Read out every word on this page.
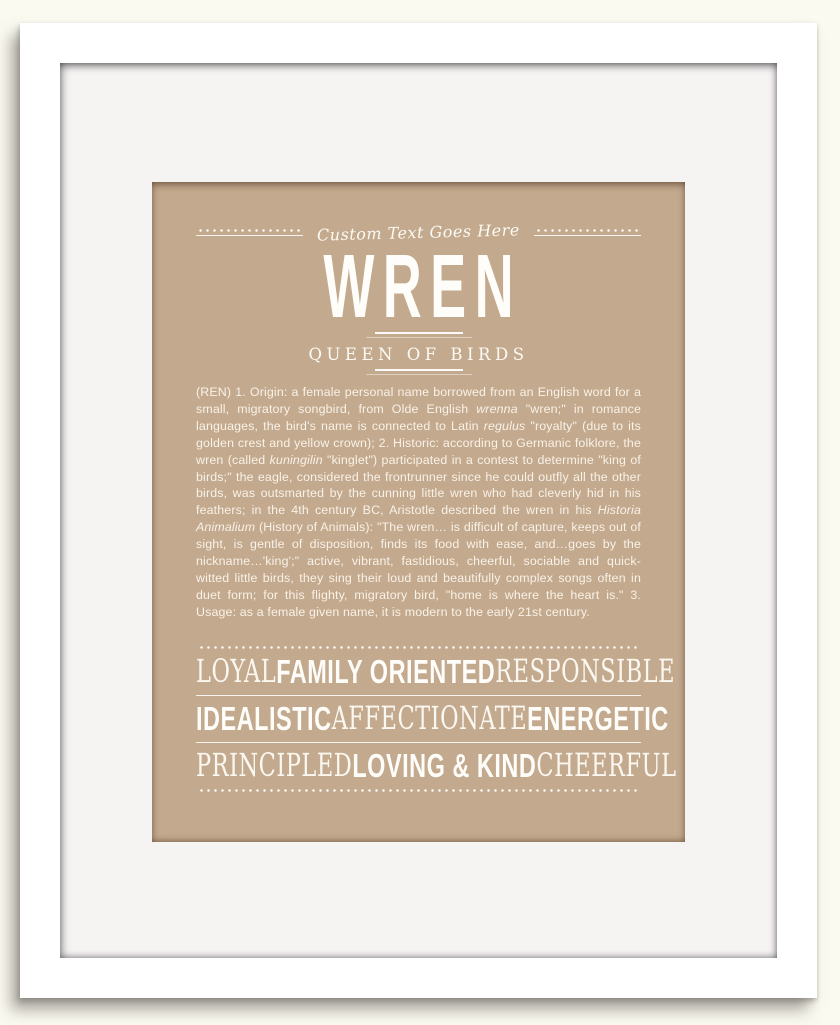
Custom Text Goes Here
WREN
QUEEN OF BIRDS

(REN) 1. Origin: a female personal name borrowed from an English word for a small, migratory songbird, from Olde English wrenna "wren;" in romance languages, the bird's name is connected to Latin regulus "royalty" (due to its golden crest and yellow crown); 2. Historic: according to Germanic folklore, the wren (called kuningilin "kinglet") participated in a contest to determine "king of birds;" the eagle, considered the frontrunner since he could outfly all the other birds, was outsmarted by the cunning little wren who had cleverly hid in his feathers; in the 4th century BC, Aristotle described the wren in his Historia Animalium (History of Animals): "The wren… is difficult of capture, keeps out of sight, is gentle of disposition, finds its food with ease, and…goes by the nickname…'king';" active, vibrant, fastidious, cheerful, sociable and quick-witted little birds, they sing their loud and beautifully complex songs often in duet form; for this flighty, migratory bird, "home is where the heart is." 3. Usage: as a female given name, it is modern to the early 21st century.

LOYAL FAMILY ORIENTED RESPONSIBLE
IDEALISTIC AFFECTIONATE ENERGETIC
PRINCIPLED LOVING & KIND CHEERFUL
